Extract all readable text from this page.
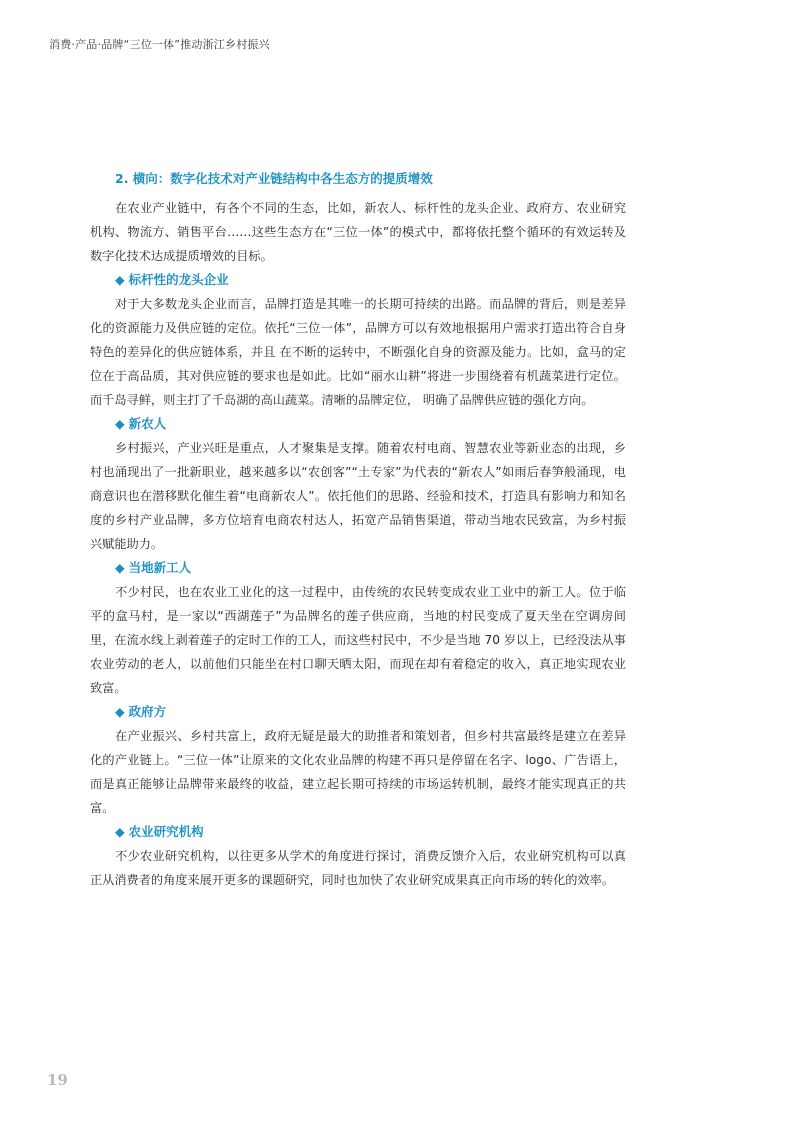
消费·产品·品牌“三位一体”推动浙江乡村振兴
2. 横向：数字化技术对产业链结构中各生态方的提质增效

在农业产业链中，有各个不同的生态，比如，新农人、标杆性的龙头企业、政府方、农业研究机构、物流方、销售平台……这些生态方在“三位一体”的模式中，都将依托整个循环的有效运转及数字化技术达成提质增效的目标。

◆ 标杆性的龙头企业

对于大多数龙头企业而言，品牌打造是其唯一的长期可持续的出路。而品牌的背后，则是差异化的资源能力及供应链的定位。依托“三位一体”，品牌方可以有效地根据用户需求打造出符合自身特色的差异化的供应链体系，并且 在不断的运转中，不断强化自身的资源及能力。比如，盒马的定位在于高品质，其对供应链的要求也是如此。比如“丽水山耕”将进一步围绕着有机蔬菜进行定位。而千岛寻鲜，则主打了千岛湖的高山蔬菜。清晰的品牌定位， 明确了品牌供应链的强化方向。

◆ 新农人

乡村振兴，产业兴旺是重点，人才聚集是支撑。随着农村电商、智慧农业等新业态的出现，乡村也涌现出了一批新职业，越来越多以“农创客”“土专家”为代表的“新农人”如雨后春笋般涌现，电商意识也在潜移默化催生着“电商新农人”。依托他们的思路、经验和技术，打造具有影响力和知名度的乡村产业品牌，多方位培育电商农村达人，拓宽产品销售渠道，带动当地农民致富，为乡村振兴赋能助力。

◆ 当地新工人

不少村民，也在农业工业化的这一过程中，由传统的农民转变成农业工业中的新工人。位于临平的盒马村，是一家以“西湖莲子”为品牌名的莲子供应商，当地的村民变成了夏天坐在空调房间里，在流水线上剥着莲子的定时工作的工人，而这些村民中，不少是当地 70 岁以上，已经没法从事农业劳动的老人，以前他们只能坐在村口聊天晒太阳，而现在却有着稳定的收入，真正地实现农业致富。

◆ 政府方

在产业振兴、乡村共富上，政府无疑是最大的助推者和策划者，但乡村共富最终是建立在差异化的产业链上。“三位一体”让原来的文化农业品牌的构建不再只是停留在名字、logo、广告语上，而是真正能够让品牌带来最终的收益，建立起长期可持续的市场运转机制，最终才能实现真正的共富。

◆ 农业研究机构

不少农业研究机构，以往更多从学术的角度进行探讨，消费反馈介入后，农业研究机构可以真正从消费者的角度来展开更多的课题研究，同时也加快了农业研究成果真正向市场的转化的效率。

19
